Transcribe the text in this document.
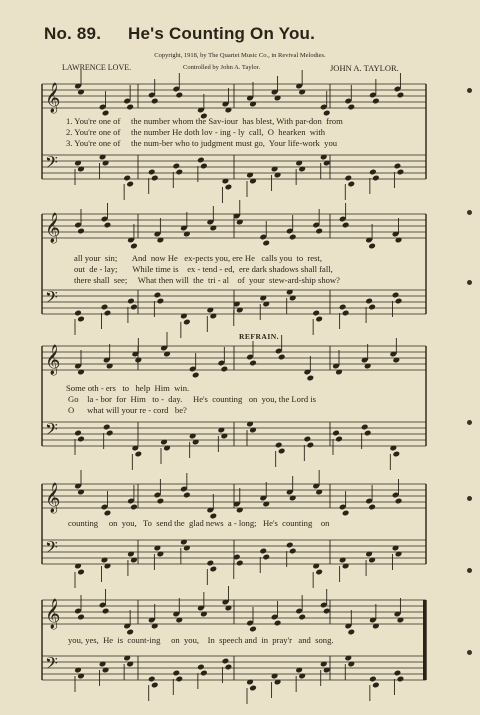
No. 89. He's Counting On You.
Copyright, 1918, by The Quartet Music Co., in Revival Melodies.
LAWRENCE LOVE.	Controlled by John A. Taylor.	JOHN A. TAYLOR.
𝄞
𝄢
𝄞
𝄢
𝄞
𝄢
𝄞
𝄢
𝄞
𝄢
1. You're one of     the number whom the Sav-iour  has blest, With par-don  from
2. You're one of     the number He doth lov - ing - ly  call,  O  hearken  with
3. You're one of     the num-ber who to judgment must go,  Your life-work  you
all your  sin;       And  now He   ex-pects you, ere He   calls you  to  rest,
out  de - lay;       While time is    ex - tend - ed,  ere dark shadows shall fall,
there shall  see;     What then will  the  tri - al    of  your  stew-ard-ship show?
REFRAIN.
Some oth - ers   to   help  Him  win.
Go    la - bor  for  Him   to -  day.     He's  counting   on  you, the Lord is
O      what will your re - cord   be?
counting     on  you,   To  send the  glad news  a - long;   He's  counting    on
you, yes,  He  is  count-ing     on  you,    In  speech and  in  pray'r   and  song.
